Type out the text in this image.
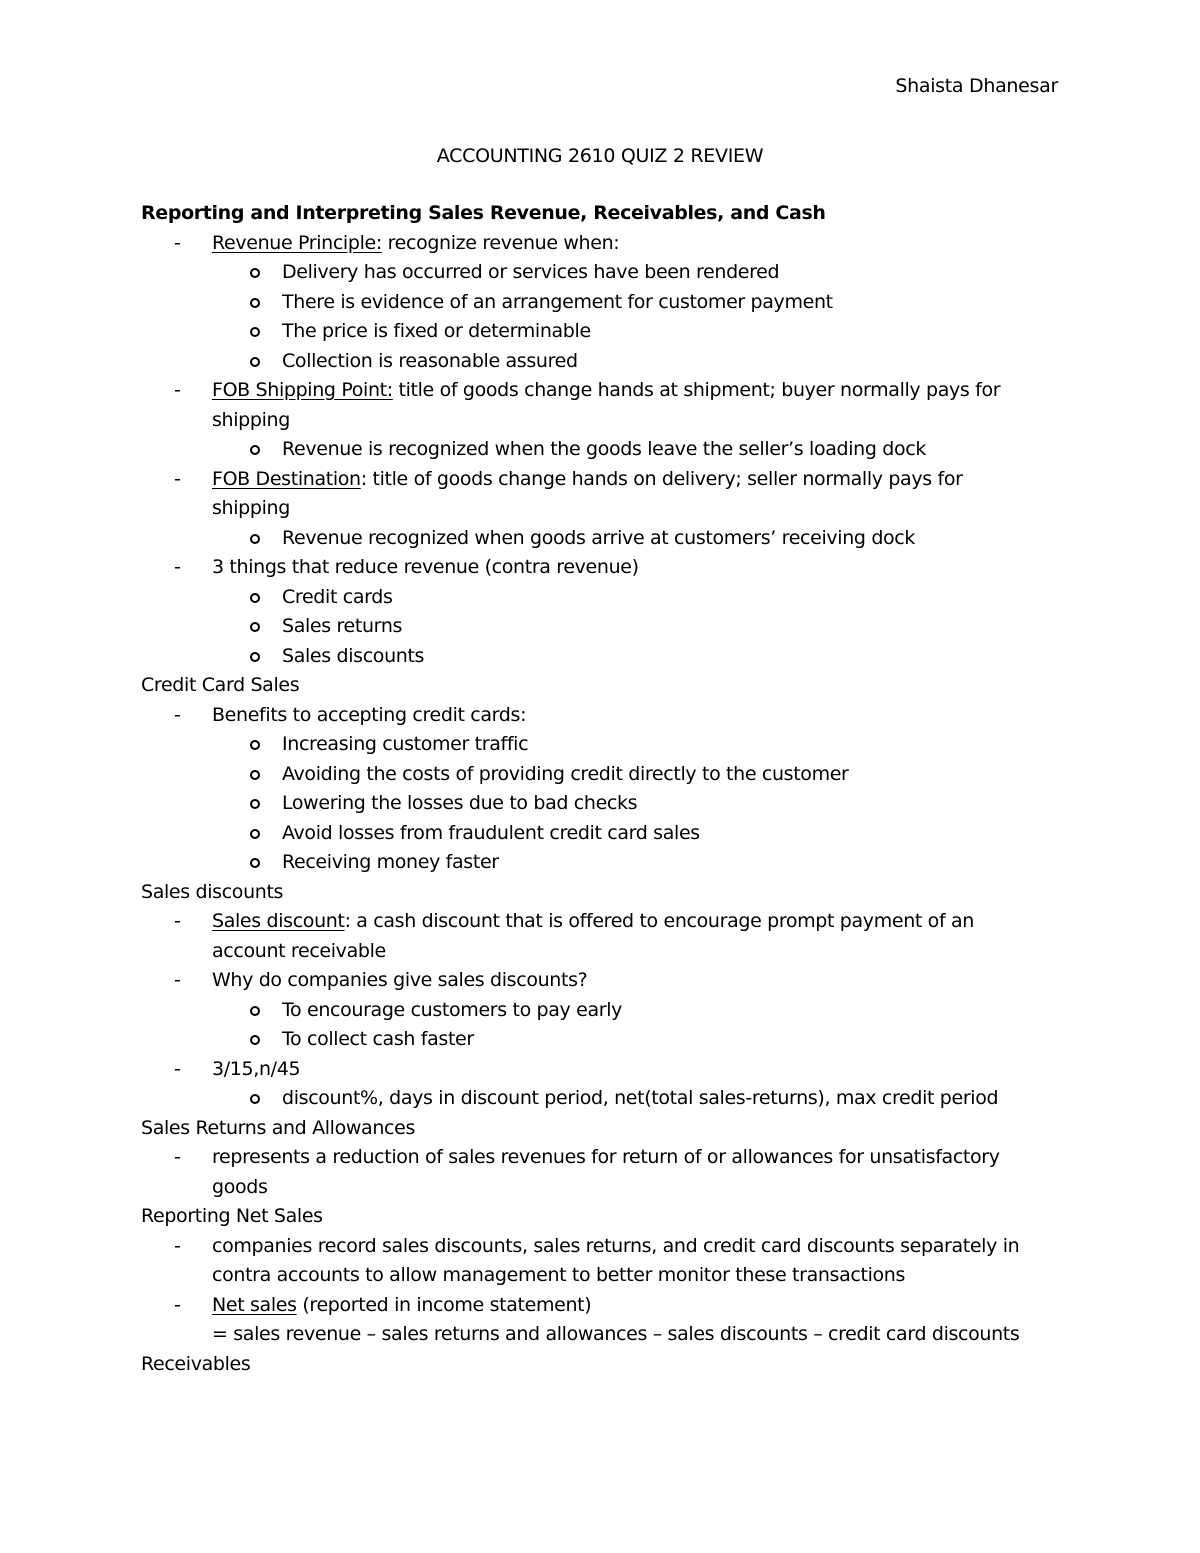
Shaista Dhanesar
ACCOUNTING 2610 QUIZ 2 REVIEW
Reporting and Interpreting Sales Revenue, Receivables, and Cash
- Revenue Principle: recognize revenue when:
Delivery has occurred or services have been rendered
There is evidence of an arrangement for customer payment
The price is fixed or determinable
Collection is reasonable assured
- FOB Shipping Point: title of goods change hands at shipment; buyer normally pays for
shipping
Revenue is recognized when the goods leave the seller’s loading dock
- FOB Destination: title of goods change hands on delivery; seller normally pays for
shipping
Revenue recognized when goods arrive at customers’ receiving dock
- 3 things that reduce revenue (contra revenue)
Credit cards
Sales returns
Sales discounts
Credit Card Sales
- Benefits to accepting credit cards:
Increasing customer traffic
Avoiding the costs of providing credit directly to the customer
Lowering the losses due to bad checks
Avoid losses from fraudulent credit card sales
Receiving money faster
Sales discounts
- Sales discount: a cash discount that is offered to encourage prompt payment of an
account receivable
- Why do companies give sales discounts?
To encourage customers to pay early
To collect cash faster
- 3/15,n/45
discount%, days in discount period, net(total sales-returns), max credit period
Sales Returns and Allowances
- represents a reduction of sales revenues for return of or allowances for unsatisfactory
goods
Reporting Net Sales
- companies record sales discounts, sales returns, and credit card discounts separately in
contra accounts to allow management to better monitor these transactions
- Net sales (reported in income statement)
= sales revenue – sales returns and allowances – sales discounts – credit card discounts
Receivables
